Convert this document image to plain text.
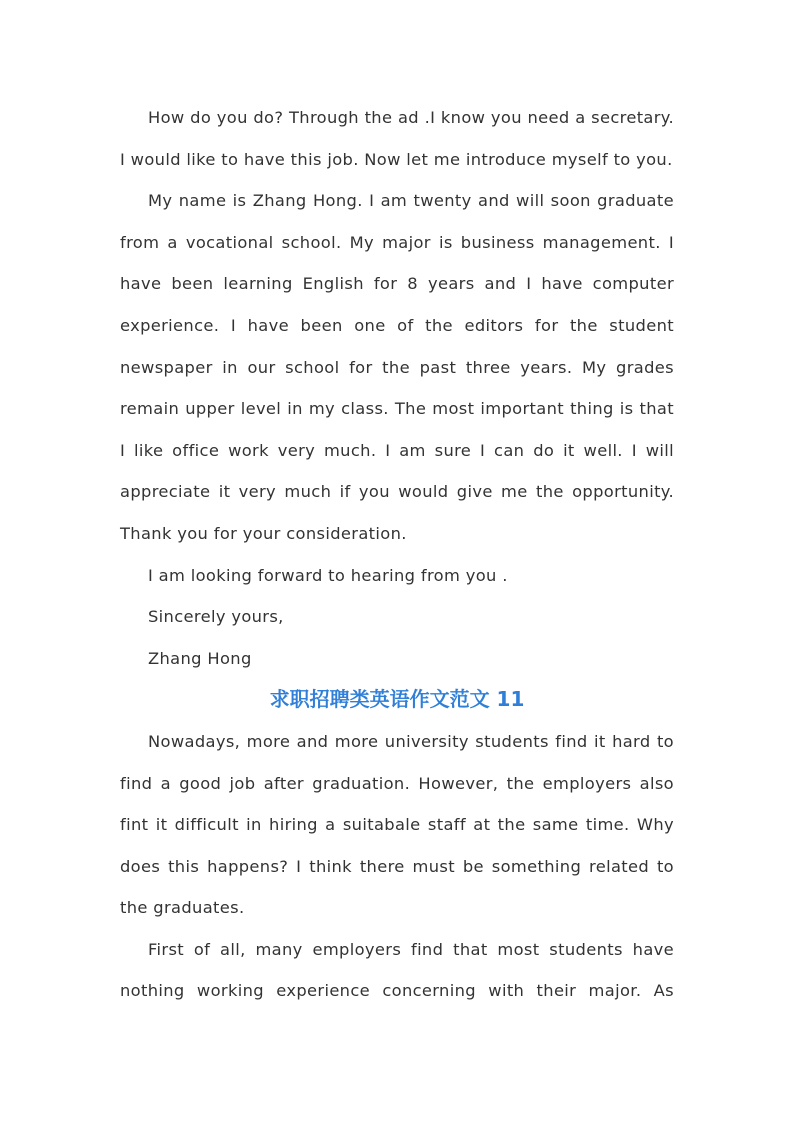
How do you do? Through the ad .I know you need a secretary. I would like to have this job. Now let me introduce myself to you.

My name is Zhang Hong. I am twenty and will soon graduate from a vocational school. My major is business management. I have been learning English for 8 years and I have computer experience. I have been one of the editors for the student newspaper in our school for the past three years. My grades remain upper level in my class. The most important thing is that I like office work very much. I am sure I can do it well. I will appreciate it very much if you would give me the opportunity. Thank you for your consideration.

I am looking forward to hearing from you .

Sincerely yours,

Zhang Hong

求职招聘类英语作文范文 11

Nowadays, more and more university students find it hard to find a good job after graduation. However, the employers also fint it difficult in hiring a suitabale staff at the same time. Why does this happens? I think there must be something related to the graduates.

First of all, many employers find that most students have nothing working experience concerning with their major. As
